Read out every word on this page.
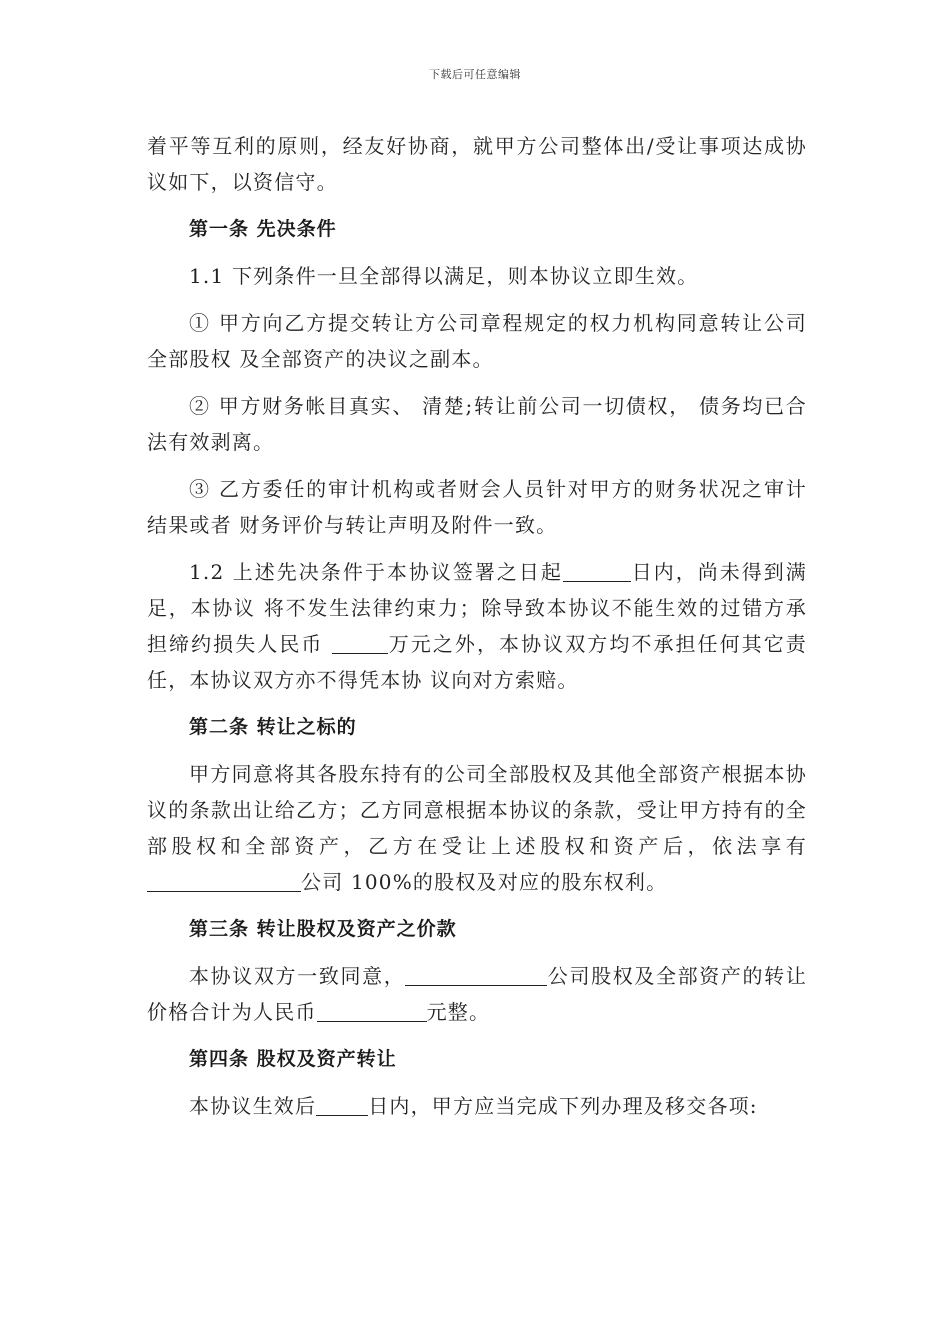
下载后可任意编辑

着平等互利的原则，经友好协商，就甲方公司整体出/受让事项达成协议如下，以资信守。

第一条 先决条件

1.1 下列条件一旦全部得以满足，则本协议立即生效。

① 甲方向乙方提交转让方公司章程规定的权力机构同意转让公司全部股权 及全部资产的决议之副本。

② 甲方财务帐目真实、 清楚;转让前公司一切债权， 债务均已合法有效剥离。

③ 乙方委任的审计机构或者财会人员针对甲方的财务状况之审计结果或者 财务评价与转让声明及附件一致。

1.2 上述先决条件于本协议签署之日起	日内，尚未得到满足，本协议 将不发生法律约束力；除导致本协议不能生效的过错方承担缔约损失人民币	万元之外，本协议双方均不承担任何其它责任，本协议双方亦不得凭本协 议向对方索赔。

第二条 转让之标的

甲方同意将其各股东持有的公司全部股权及其他全部资产根据本协议的条款出让给乙方；乙方同意根据本协议的条款，受让甲方持有的全部股权和全部资产，乙方在受让上述股权和资产后，依法享有公司 100%的股权及对应的股东权利。

第三条 转让股权及资产之价款

本协议双方一致同意，	公司股权及全部资产的转让价格合计为人民币	元整。

第四条 股权及资产转让

本协议生效后	日内，甲方应当完成下列办理及移交各项:
